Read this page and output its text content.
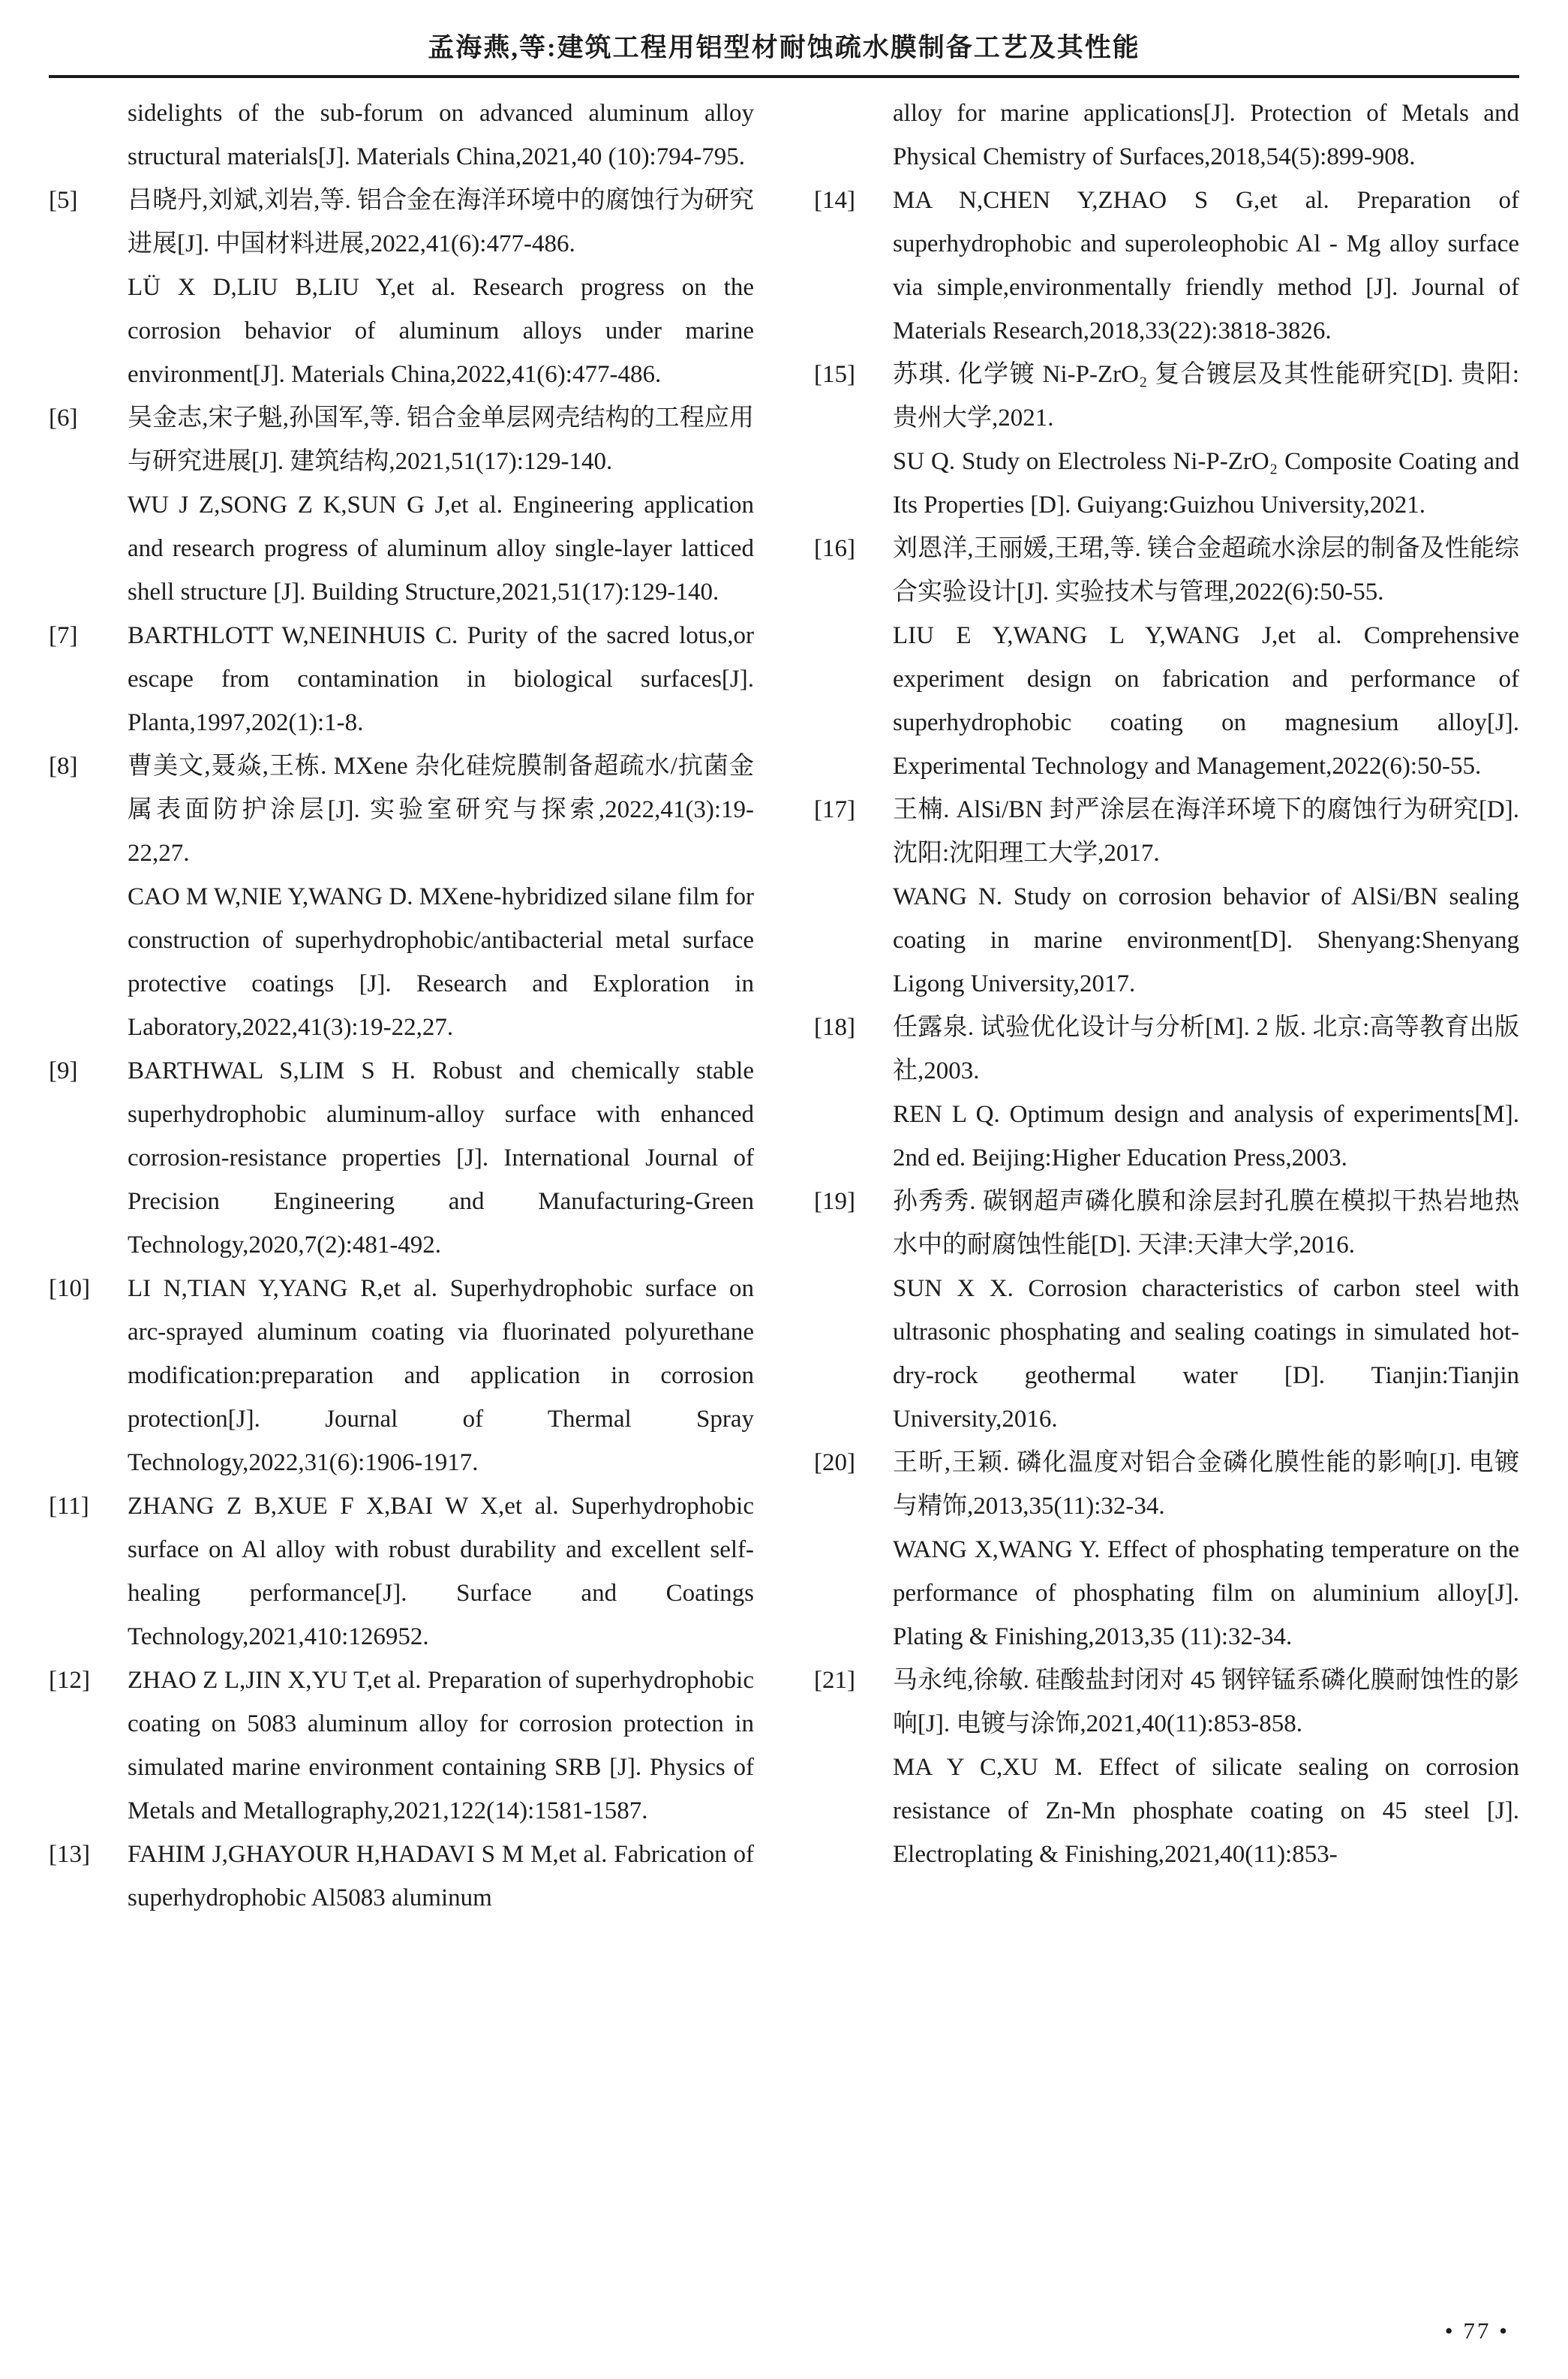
孟海燕,等:建筑工程用铝型材耐蚀疏水膜制备工艺及其性能

sidelights of the sub-forum on advanced aluminum alloy structural materials[J]. Materials China,2021,40 (10):794-795.

[5]	吕晓丹,刘斌,刘岩,等. 铝合金在海洋环境中的腐蚀行为研究进展[J]. 中国材料进展,2022,41(6):477-486.

LÜ X D,LIU B,LIU Y,et al. Research progress on the corrosion behavior of aluminum alloys under marine environment[J]. Materials China,2022,41(6):477-486.

[6]	吴金志,宋子魁,孙国军,等. 铝合金单层网壳结构的工程应用与研究进展[J]. 建筑结构,2021,51(17):129-140.

WU J Z,SONG Z K,SUN G J,et al. Engineering application and research progress of aluminum alloy single-layer latticed shell structure [J]. Building Structure,2021,51(17):129-140.

[7]	BARTHLOTT W,NEINHUIS C. Purity of the sacred lotus,or escape from contamination in biological surfaces[J]. Planta,1997,202(1):1-8.

[8]	曹美文,聂焱,王栋. MXene 杂化硅烷膜制备超疏水/抗菌金属表面防护涂层[J]. 实验室研究与探索,2022,41(3):19-22,27.

CAO M W,NIE Y,WANG D. MXene-hybridized silane film for construction of superhydrophobic/antibacterial metal surface protective coatings [J]. Research and Exploration in Laboratory,2022,41(3):19-22,27.

[9]	BARTHWAL S,LIM S H. Robust and chemically stable superhydrophobic aluminum-alloy surface with enhanced corrosion-resistance properties [J]. International Journal of Precision Engineering and Manufacturing-Green Technology,2020,7(2):481-492.

[10]	LI N,TIAN Y,YANG R,et al. Superhydrophobic surface on arc-sprayed aluminum coating via fluorinated polyurethane modification:preparation and application in corrosion protection[J]. Journal of Thermal Spray Technology,2022,31(6):1906-1917.

[11]	ZHANG Z B,XUE F X,BAI W X,et al. Superhydrophobic surface on Al alloy with robust durability and excellent self-healing performance[J]. Surface and Coatings Technology,2021,410:126952.

[12]	ZHAO Z L,JIN X,YU T,et al. Preparation of superhydrophobic coating on 5083 aluminum alloy for corrosion protection in simulated marine environment containing SRB [J]. Physics of Metals and Metallography,2021,122(14):1581-1587.

[13]	FAHIM J,GHAYOUR H,HADAVI S M M,et al. Fabrication of superhydrophobic Al5083 aluminum

alloy for marine applications[J]. Protection of Metals and Physical Chemistry of Surfaces,2018,54(5):899-908.

[14]	MA N,CHEN Y,ZHAO S G,et al. Preparation of superhydrophobic and superoleophobic Al - Mg alloy surface via simple,environmentally friendly method [J]. Journal of Materials Research,2018,33(22):3818-3826.

[15]	苏琪. 化学镀 Ni-P-ZrO₂ 复合镀层及其性能研究[D]. 贵阳:贵州大学,2021.

SU Q. Study on Electroless Ni-P-ZrO₂ Composite Coating and Its Properties [D]. Guiyang:Guizhou University,2021.

[16]	刘恩洋,王丽媛,王珺,等. 镁合金超疏水涂层的制备及性能综合实验设计[J]. 实验技术与管理,2022(6):50-55.

LIU E Y,WANG L Y,WANG J,et al. Comprehensive experiment design on fabrication and performance of superhydrophobic coating on magnesium alloy[J]. Experimental Technology and Management,2022(6):50-55.

[17]	王楠. AlSi/BN 封严涂层在海洋环境下的腐蚀行为研究[D]. 沈阳:沈阳理工大学,2017.

WANG N. Study on corrosion behavior of AlSi/BN sealing coating in marine environment[D]. Shenyang:Shenyang Ligong University,2017.

[18]	任露泉. 试验优化设计与分析[M]. 2 版. 北京:高等教育出版社,2003.

REN L Q. Optimum design and analysis of experiments[M]. 2nd ed. Beijing:Higher Education Press,2003.

[19]	孙秀秀. 碳钢超声磷化膜和涂层封孔膜在模拟干热岩地热水中的耐腐蚀性能[D]. 天津:天津大学,2016.

SUN X X. Corrosion characteristics of carbon steel with ultrasonic phosphating and sealing coatings in simulated hot-dry-rock geothermal water [D]. Tianjin:Tianjin University,2016.

[20]	王昕,王颖. 磷化温度对铝合金磷化膜性能的影响[J]. 电镀与精饰,2013,35(11):32-34.

WANG X,WANG Y. Effect of phosphating temperature on the performance of phosphating film on aluminium alloy[J]. Plating & Finishing,2013,35 (11):32-34.

[21]	马永纯,徐敏. 硅酸盐封闭对 45 钢锌锰系磷化膜耐蚀性的影响[J]. 电镀与涂饰,2021,40(11):853-858.

MA Y C,XU M. Effect of silicate sealing on corrosion resistance of Zn-Mn phosphate coating on 45 steel [J]. Electroplating & Finishing,2021,40(11):853-

• 77 •
